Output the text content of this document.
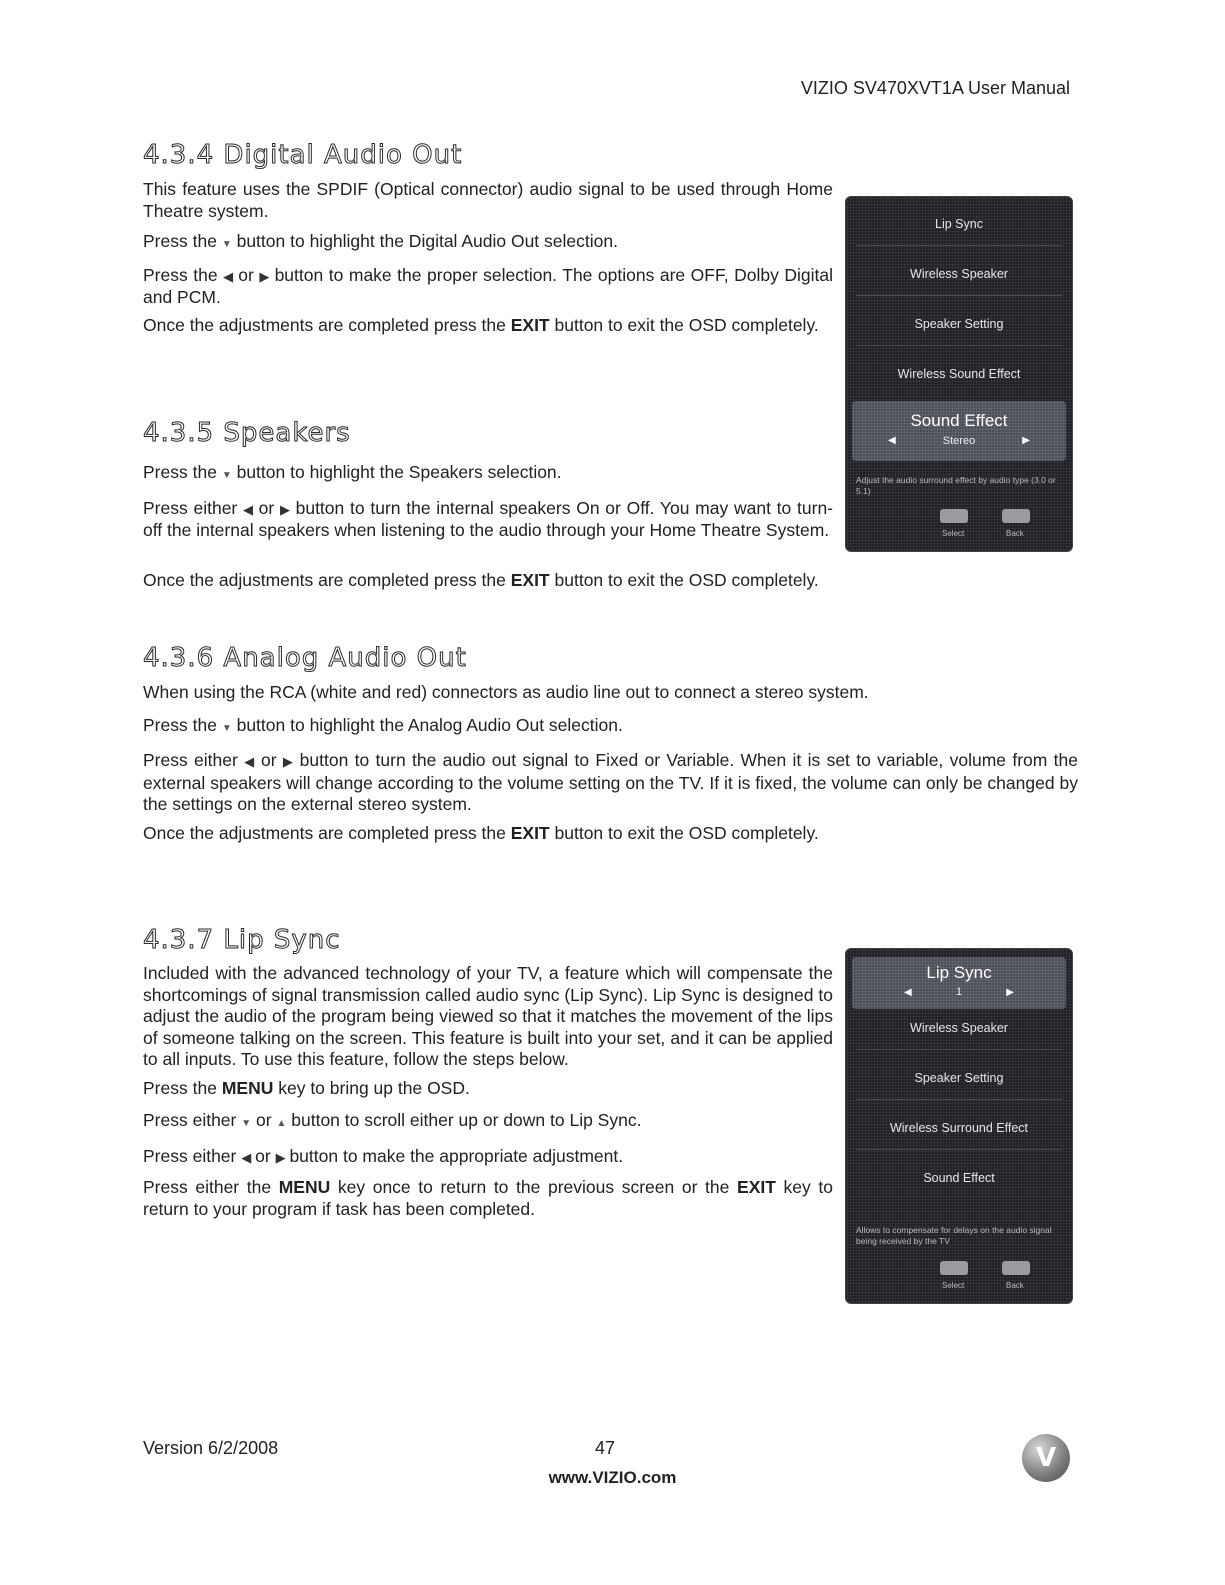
VIZIO SV470XVT1A User Manual
4.3.4 Digital Audio Out

This feature uses the SPDIF (Optical connector) audio signal to be used through Home Theatre system.

Press the ▼ button to highlight the Digital Audio Out selection.

Press the ◀ or ▶ button to make the proper selection. The options are OFF, Dolby Digital and PCM.

Once the adjustments are completed press the EXIT button to exit the OSD completely.

4.3.5 Speakers

Press the ▼ button to highlight the Speakers selection.

Press either ◀ or ▶ button to turn the internal speakers On or Off. You may want to turn-off the internal speakers when listening to the audio through your Home Theatre System.

Once the adjustments are completed press the EXIT button to exit the OSD completely.

Lip Sync
Wireless Speaker
Speaker Setting
Wireless Sound Effect
Sound Effect
Stereo
◀	▶
Adjust the audio surround effect by audio type (3.0 or 5.1)
Select	Back
4.3.6 Analog Audio Out

When using the RCA (white and red) connectors as audio line out to connect a stereo system.

Press the ▼ button to highlight the Analog Audio Out selection.

Press either ◀ or ▶ button to turn the audio out signal to Fixed or Variable. When it is set to variable, volume from the external speakers will change according to the volume setting on the TV. If it is fixed, the volume can only be changed by the settings on the external stereo system.

Once the adjustments are completed press the EXIT button to exit the OSD completely.

4.3.7 Lip Sync

Included with the advanced technology of your TV, a feature which will compensate the shortcomings of signal transmission called audio sync (Lip Sync). Lip Sync is designed to adjust the audio of the program being viewed so that it matches the movement of the lips of someone talking on the screen. This feature is built into your set, and it can be applied to all inputs. To use this feature, follow the steps below.

Press the MENU key to bring up the OSD.

Press either ▼ or ▲ button to scroll either up or down to Lip Sync.

Press either ◀ or ▶ button to make the appropriate adjustment.

Press either the MENU key once to return to the previous screen or the EXIT key to return to your program if task has been completed.

Lip Sync
1
◀	▶
Wireless Speaker
Speaker Setting
Wireless Surround Effect
Sound Effect
Allows to compensate for delays on the audio signal being received by the TV
Select	Back
Version 6/2/2008	47
www.VIZIO.com
V
